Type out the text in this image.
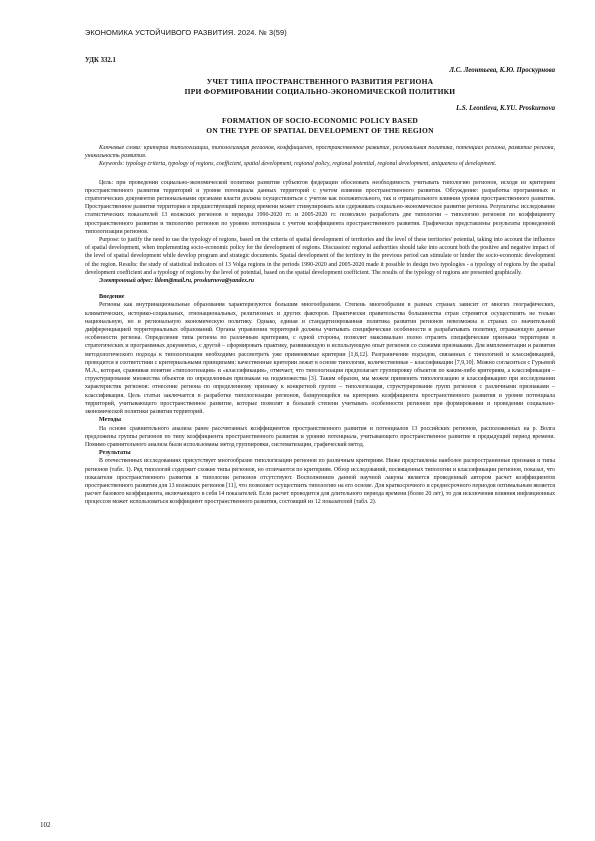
ЭКОНОМИКА УСТОЙЧИВОГО РАЗВИТИЯ. 2024. № 3(59)
УДК 332.1
Л.С. Леонтьева, К.Ю. Проскурнова
УЧЕТ ТИПА ПРОСТРАНСТВЕННОГО РАЗВИТИЯ РЕГИОНА
ПРИ ФОРМИРОВАНИИ СОЦИАЛЬНО-ЭКОНОМИЧЕСКОЙ ПОЛИТИКИ
L.S. Leontieva, K.YU. Proskurnova
FORMATION OF SOCIO-ECONOMIC POLICY BASED
ON THE TYPE OF SPATIAL DEVELOPMENT OF THE REGION

Ключевые слова: критерии типологизации, типологизация регионов, коэффициент, пространственное развитие, региональная политика, потенциал региона, развитие региона, уникальность развития.

Keywords: typology criteria, typology of regions, coefficient, spatial development, regional policy, regional potential, regional development, uniqueness of development.

Цель: при проведении социально-экономической политики развития субъектов федерации обосновать необходимость учитывать типологию регионов, исходя из критериев пространственного развития территорий и уровня потенциала данных территорий с учетом влияния пространственного развития. Обсуждение: разработка программных и стратегических документов региональными органами власти должна осуществляться с учетом как положительного, так и отрицательного влияния уровня пространственного развития. Пространственное развитие территории в предшествующий период времени может стимулировать или сдерживать социально-экономическое развитие региона. Результаты: исследование статистических показателей 13 волжских регионов в периоды 1990-2020 гг. и 2005-2020 гг. позволило разработать две типологии – типологию регионов по коэффициенту пространственного развития и типологию регионов по уровню потенциала с учетом коэффициента пространственного развития. Графически представлены результаты проведенной типологизации регионов.

Purpose: to justify the need to use the typology of regions, based on the criteria of spatial development of territories and the level of these territories' potential, taking into account the influence of spatial development, when implementing socio-economic policy for the development of regions. Discussion: regional authorities should take into account both the positive and negative impact of the level of spatial development while develop program and strategic documents. Spatial development of the territory in the previous period can stimulate or hinder the socio-economic development of the region. Results: the study of statistical indicators of 13 Volga regions in the periods 1990-2020 and 2005-2020 made it possible to design two typologies - a typology of regions by the spatial development coefficient and a typology of regions by the level of potential, based on the spatial development coefficient. The results of the typology of regions are presented graphically.

Электронный адрес: lldom@mail.ru, proskurnova@yandex.ru

Введение

Регионы как внутринациональные образования характеризуются большим многообразием. Степень многообразия в разных странах зависит от многих географических, климатических, историко-социальных, этнонациональных, религиозных и других факторов. Практически правительства большинства стран стремятся осуществлять не только национальную, но и региональную экономическую политику. Однако, единая и стандартизированная политика развития регионов невозможна в странах со значительной дифференциацией территориальных образований. Органы управления территорий должны учитывать специфические особенности и разрабатывать политику, отражающую данные особенности региона. Определение типа региона по различным критериям, с одной стороны, позволит максимально полно отразить специфические признаки территории в стратегических и программных документах, с другой – сформировать практику, развивающую и использующую опыт регионов со схожими признаками. Для имплементации и развития методологического подхода к типологизации необходимо рассмотреть уже применяемые критерии [1,8,12]. Разграничение подходов, связанных с типологией и классификацией, проводится в соответствии с критериальными принципами: качественные критерии лежат в основе типологии, количественные – классификации [7,9,10]. Можно согласиться с Гурьевой М.А., которая, сравнивая понятия «типологизация» и «классификация», отмечает, что типологизация предполагает группировку объектов по каким-либо критериям, а классификация – структурирование множества объектов по определенным признакам на подмножества [3]. Таким образом, мы можем применить типологизацию и классификацию при исследовании характеристик регионов: отнесение региона по определенному признаку к конкретной группе – типологизация, структурирование групп регионов с различными признаками – классификация. Цель статьи заключается в разработке типологизации регионов, базирующейся на критериях коэффициента пространственного развития и уровня потенциала территорий, учитывающего пространственное развитие, которые позволят в большей степени учитывать особенности регионов при формировании и проведении социально-экономической политики развития территорий.

Методы

На основе сравнительного анализа ранее рассчитанных коэффициентов пространственного развития и потенциалов 13 российских регионов, расположенных на р. Волга предложены группы регионов по типу коэффициента пространственного развития и уровню потенциала, учитывающего пространственное развитие в предыдущий период времени. Помимо сравнительного анализа были использованы метод группировки, систематизации, графический метод.

Результаты

В отечественных исследованиях присутствует многообразие типологизации регионов по различным критериям. Ниже представлены наиболее распространенные признаки и типы регионов (табл. 1). Ряд типологий содержит схожие типы регионов, но отличаются по критериям. Обзор исследований, посвященных типологии и классификации регионов, показал, что показатели пространственного развития в типологии регионов отсутствуют. Восполнением данной научной лакуны является проведенный автором расчет коэффициентов пространственного развития для 13 волжских регионов [11], что позволяет осуществить типологию на его основе. Для краткосрочного и среднесрочного периодов оптимальным является расчет базового коэффициента, включающего в себя 14 показателей. Если расчет проводится для длительного периода времени (более 20 лет), то для исключения влияния инфляционных процессов может использоваться коэффициент пространственного развития, состоящий из 12 показателей (табл. 2).

102
